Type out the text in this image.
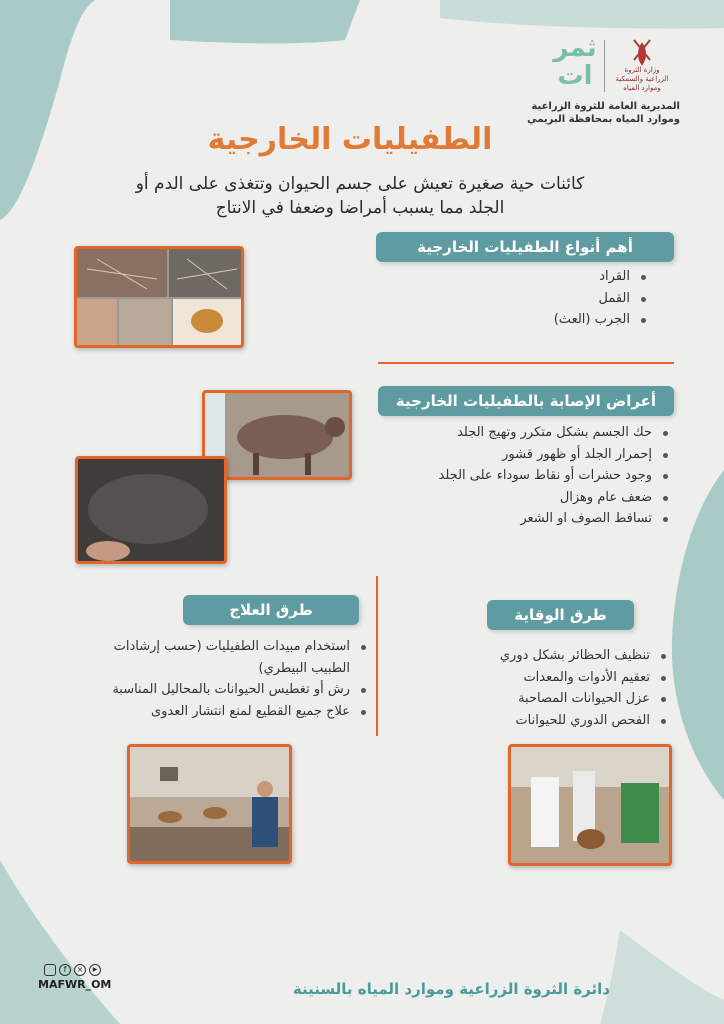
وزارة الثروة الزراعية والسمكية وموارد المياه
ثمرات
المديرية العامة للثروة الزراعية
وموارد المياه بمحافظة البريمي
الطفيليات الخارجية
كائنات حية صغيرة تعيش على جسم الحيوان وتتغذى على الدم أو
الجلد مما يسبب أمراضا وضعفا في الانتاج
أهم أنواع الطفيليات الخارجية
القراد
القمل
الجرب (العث)
أعراض الإصابة بالطفيليات الخارجية
حك الجسم بشكل متكرر وتهيج الجلد
إحمرار الجلد أو ظهور قشور
وجود حشرات أو نقاط سوداء على الجلد
ضعف عام وهزال
تساقط الصوف او الشعر
طرق العلاج
استخدام مبيدات الطفيليات (حسب إرشادات
الطبيب البيطري)
رش أو تغطيس الحيوانات بالمحاليل المناسبة
علاج جميع القطيع لمنع انتشار العدوى
طرق الوقاية
تنظيف الحظائر بشكل دوري
تعقيم الأدوات والمعدات
عزل الحيوانات المصاحبة
الفحص الدوري للحيوانات
f	×	▶
MAFWR_OM	دائرة الثروة الزراعية وموارد المياه بالسنينة
